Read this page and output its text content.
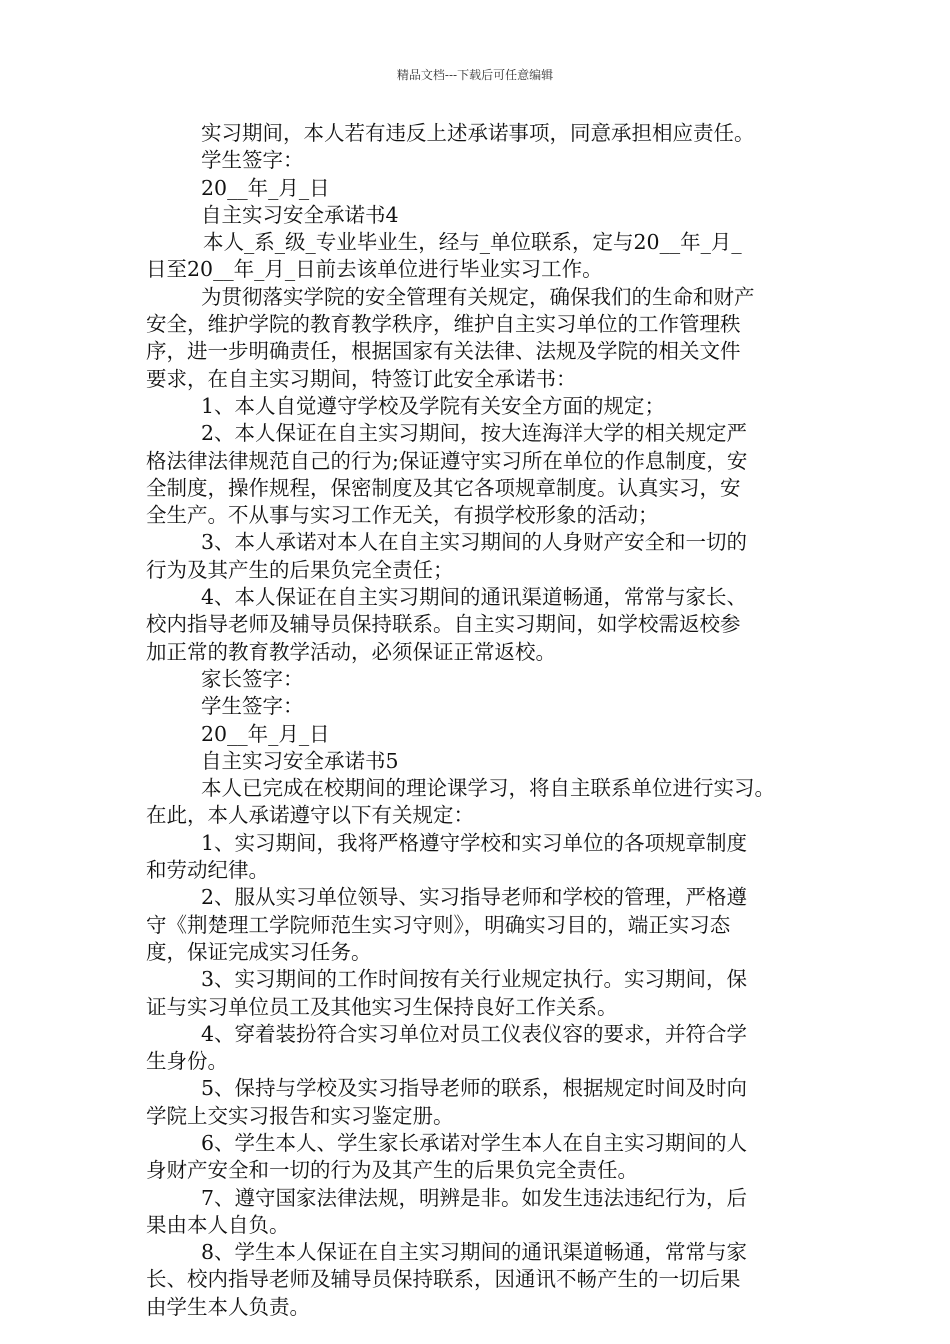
精品文档---下载后可任意编辑
实习期间，本人若有违反上述承诺事项，同意承担相应责任。
学生签字：
20__年_月_日
自主实习安全承诺书4
本人_系_级_专业毕业生，经与_单位联系，定与20__年_月_
日至20__年_月_日前去该单位进行毕业实习工作。
为贯彻落实学院的安全管理有关规定，确保我们的生命和财产
安全，维护学院的教育教学秩序，维护自主实习单位的工作管理秩
序，进一步明确责任，根据国家有关法律、法规及学院的相关文件
要求，在自主实习期间，特签订此安全承诺书：
1、本人自觉遵守学校及学院有关安全方面的规定；
2、本人保证在自主实习期间，按大连海洋大学的相关规定严
格法律法律规范自己的行为;保证遵守实习所在单位的作息制度，安
全制度，操作规程，保密制度及其它各项规章制度。认真实习，安
全生产。不从事与实习工作无关，有损学校形象的活动；
3、本人承诺对本人在自主实习期间的人身财产安全和一切的
行为及其产生的后果负完全责任；
4、本人保证在自主实习期间的通讯渠道畅通，常常与家长、
校内指导老师及辅导员保持联系。自主实习期间，如学校需返校参
加正常的教育教学活动，必须保证正常返校。
家长签字：
学生签字：
20__年_月_日
自主实习安全承诺书5
本人已完成在校期间的理论课学习，将自主联系单位进行实习。
在此，本人承诺遵守以下有关规定：
1、实习期间，我将严格遵守学校和实习单位的各项规章制度
和劳动纪律。
2、服从实习单位领导、实习指导老师和学校的管理，严格遵
守《荆楚理工学院师范生实习守则》，明确实习目的，端正实习态
度，保证完成实习任务。
3、实习期间的工作时间按有关行业规定执行。实习期间，保
证与实习单位员工及其他实习生保持良好工作关系。
4、穿着装扮符合实习单位对员工仪表仪容的要求，并符合学
生身份。
5、保持与学校及实习指导老师的联系，根据规定时间及时向
学院上交实习报告和实习鉴定册。
6、学生本人、学生家长承诺对学生本人在自主实习期间的人
身财产安全和一切的行为及其产生的后果负完全责任。
7、遵守国家法律法规，明辨是非。如发生违法违纪行为，后
果由本人自负。
8、学生本人保证在自主实习期间的通讯渠道畅通，常常与家
长、校内指导老师及辅导员保持联系，因通讯不畅产生的一切后果
由学生本人负责。
